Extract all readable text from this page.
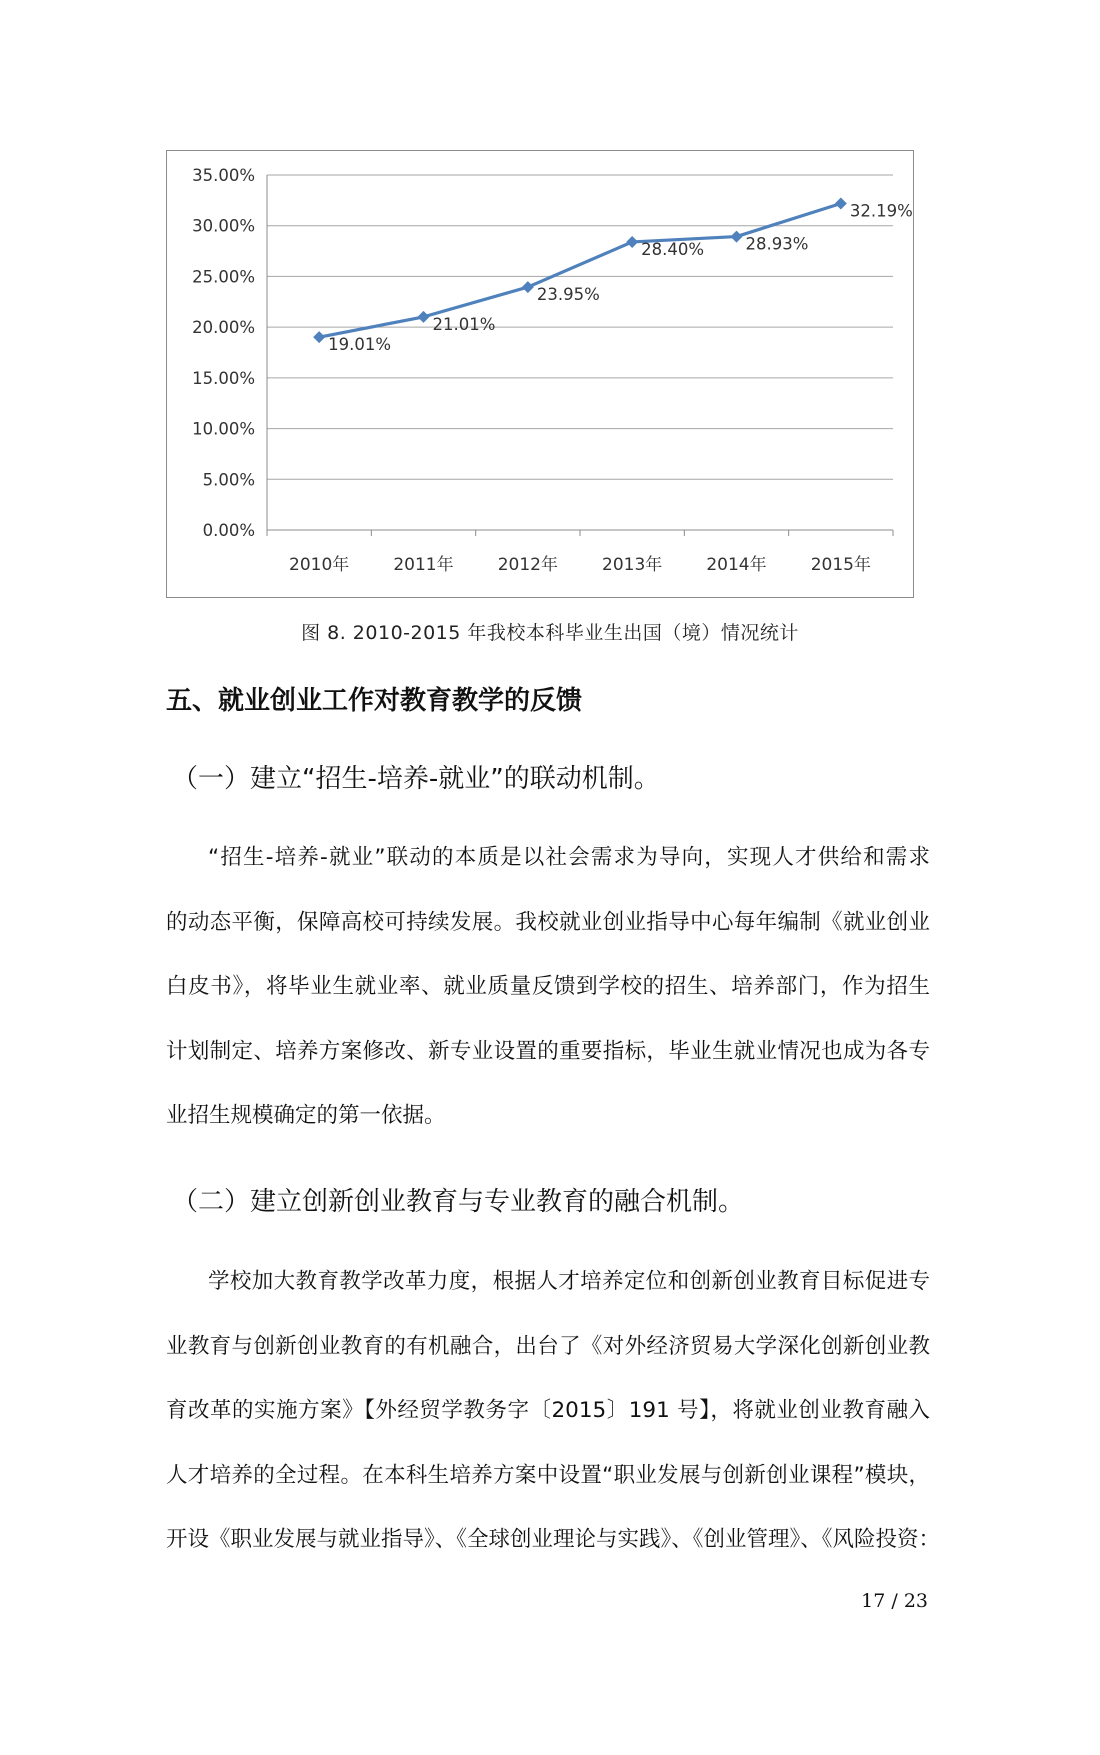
0.00%
5.00%
10.00%
15.00%
20.00%
25.00%
30.00%
35.00%
2010年	2011年	2012年	2013年	2014年	2015年
19.01%
21.01%
23.95%
28.40%	28.93%
32.19%
图 8. 2010-2015 年我校本科毕业生出国（境）情况统计
五、就业创业工作对教育教学的反馈
（一）建立“招生-培养-就业”的联动机制。
“招生-培养-就业”联动的本质是以社会需求为导向，实现人才供给和需求
的动态平衡，保障高校可持续发展。我校就业创业指导中心每年编制《就业创业
白皮书》，将毕业生就业率、就业质量反馈到学校的招生、培养部门，作为招生
计划制定、培养方案修改、新专业设置的重要指标，毕业生就业情况也成为各专
业招生规模确定的第一依据。
（二）建立创新创业教育与专业教育的融合机制。
学校加大教育教学改革力度，根据人才培养定位和创新创业教育目标促进专
业教育与创新创业教育的有机融合，出台了《对外经济贸易大学深化创新创业教
育改革的实施方案》【外经贸学教务字〔2015〕191 号】，将就业创业教育融入
人才培养的全过程。在本科生培养方案中设置“职业发展与创新创业课程”模块，
开设《职业发展与就业指导》、《全球创业理论与实践》、《创业管理》、《风险投资：
17 / 23
